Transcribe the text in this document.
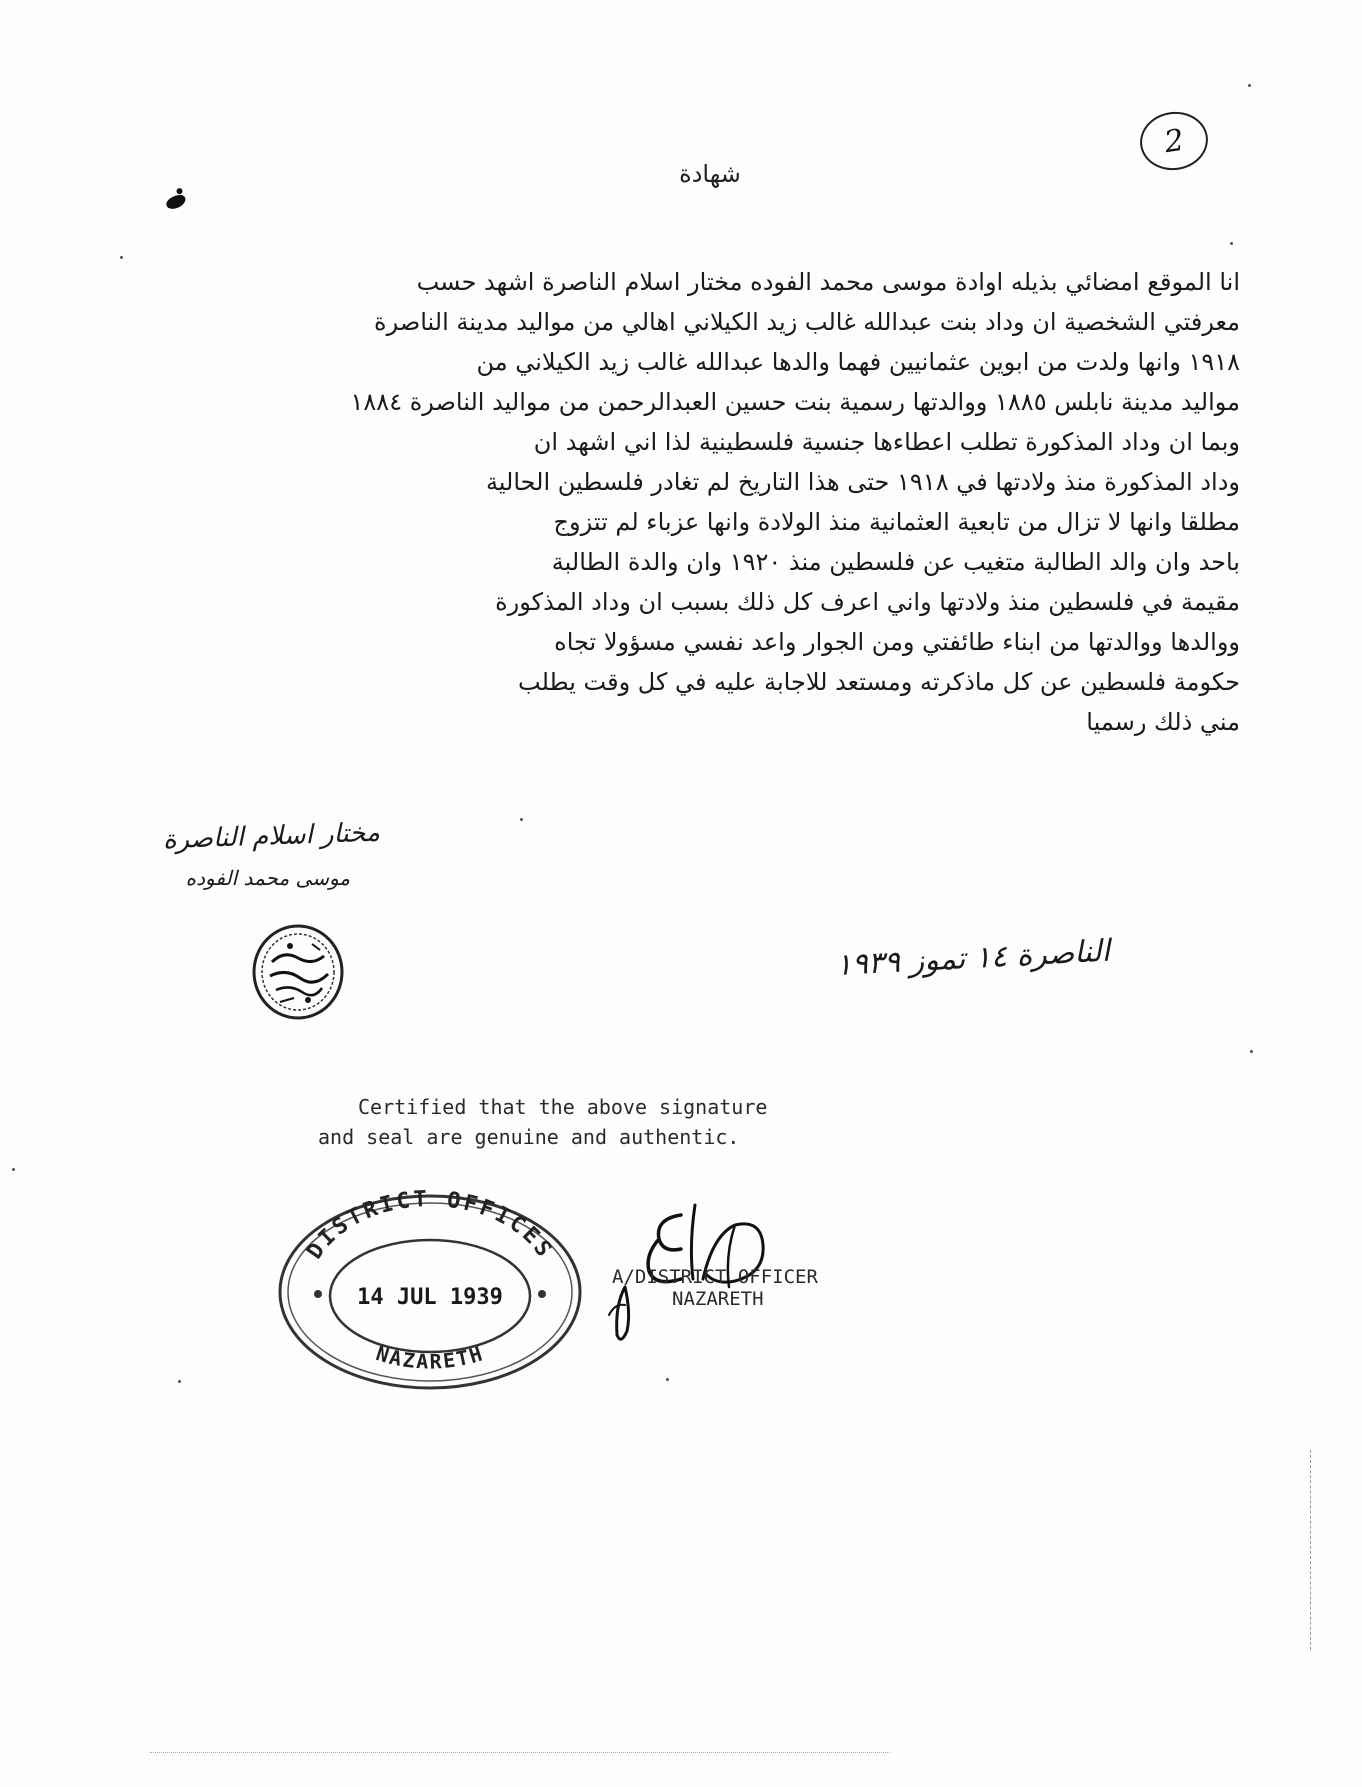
2
شهادة
انا الموقع امضائي بذيله اوادة موسى محمد الفوده مختار اسلام الناصرة اشهد حسب
معرفتي الشخصية ان وداد بنت عبدالله غالب زيد الكيلاني اهالي من مواليد مدينة الناصرة
١٩١٨ وانها ولدت من ابوين عثمانيين فهما والدها عبدالله غالب زيد الكيلاني من
مواليد مدينة نابلس ١٨٨٥ ووالدتها رسمية بنت حسين العبدالرحمن من مواليد الناصرة ١٨٨٤
وبما ان وداد المذكورة تطلب اعطاءها جنسية فلسطينية لذا اني اشهد ان
وداد المذكورة منذ ولادتها في ١٩١٨ حتى هذا التاريخ لم تغادر فلسطين الحالية
مطلقا وانها لا تزال من تابعية العثمانية منذ الولادة وانها عزباء لم تتزوج
باحد وان والد الطالبة متغيب عن فلسطين منذ ١٩٢٠ وان والدة الطالبة
مقيمة في فلسطين منذ ولادتها واني اعرف كل ذلك بسبب ان وداد المذكورة
ووالدها ووالدتها من ابناء طائفتي ومن الجوار واعد نفسي مسؤولا تجاه
حكومة فلسطين عن كل ماذكرته ومستعد للاجابة عليه في كل وقت يطلب
مني ذلك رسميا
مختار اسلام الناصرة
موسى محمد الفوده
الناصرة ١٤ تموز ١٩٣٩
Certified that the above signature
and seal are genuine and authentic.
DISTRICT OFFICES
14 JUL 1939
NAZARETH
A/DISTRICT OFFICER
NAZARETH
